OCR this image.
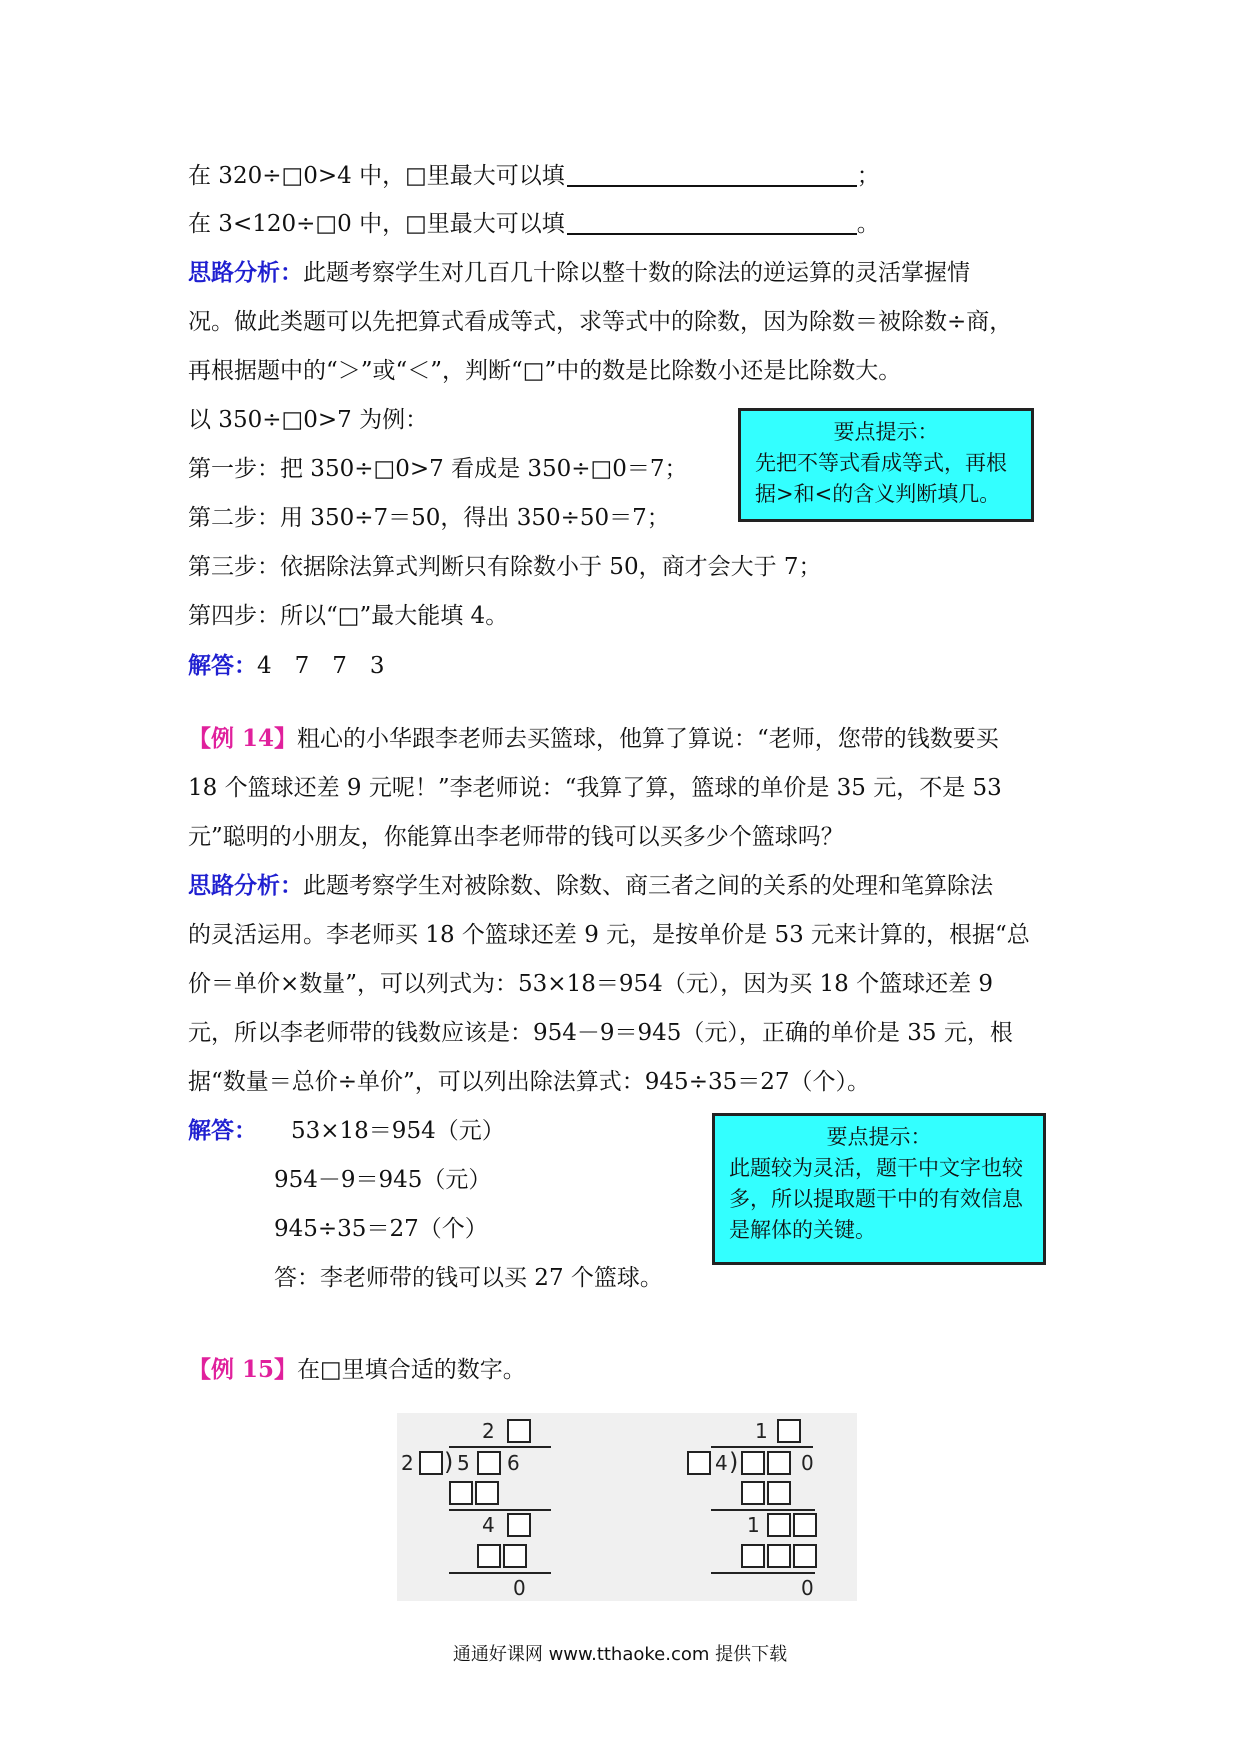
在 320÷□0>4 中，□里最大可以填	；
在 3<120÷□0 中，□里最大可以填	。
思路分析：此题考察学生对几百几十除以整十数的除法的逆运算的灵活掌握情
况。做此类题可以先把算式看成等式，求等式中的除数，因为除数＝被除数÷商，
再根据题中的“＞”或“＜”，判断“□”中的数是比除数小还是比除数大。
以 350÷□0>7 为例：
第一步：把 350÷□0>7 看成是 350÷□0＝7；
第二步：用 350÷7＝50，得出 350÷50＝7；
第三步：依据除法算式判断只有除数小于 50，商才会大于 7；
第四步：所以“□”最大能填 4。
解答：4　7　7　3
要点提示：
先把不等式看成等式，再根
据>和<的含义判断填几。
【例 14】粗心的小华跟李老师去买篮球，他算了算说：“老师，您带的钱数要买
18 个篮球还差 9 元呢！”李老师说：“我算了算，篮球的单价是 35 元，不是 53
元”聪明的小朋友，你能算出李老师带的钱可以买多少个篮球吗？
思路分析：此题考察学生对被除数、除数、商三者之间的关系的处理和笔算除法
的灵活运用。李老师买 18 个篮球还差 9 元，是按单价是 53 元来计算的，根据“总
价＝单价×数量”，可以列式为：53×18＝954（元），因为买 18 个篮球还差 9
元，所以李老师带的钱数应该是：954－9＝945（元），正确的单价是 35 元，根
据“数量＝总价÷单价”，可以列出除法算式：945÷35＝27（个）。
解答： 53×18＝954（元）
954－9＝945（元）
945÷35＝27（个）
答：李老师带的钱可以买 27 个篮球。
要点提示：
此题较为灵活，题干中文字也较
多，所以提取题干中的有效信息
是解体的关键。
【例 15】在□里填合适的数字。
2
2 ) 5 6
4
0
1
4 )	0
1
0
通通好课网 www.tthaoke.com 提供下载
